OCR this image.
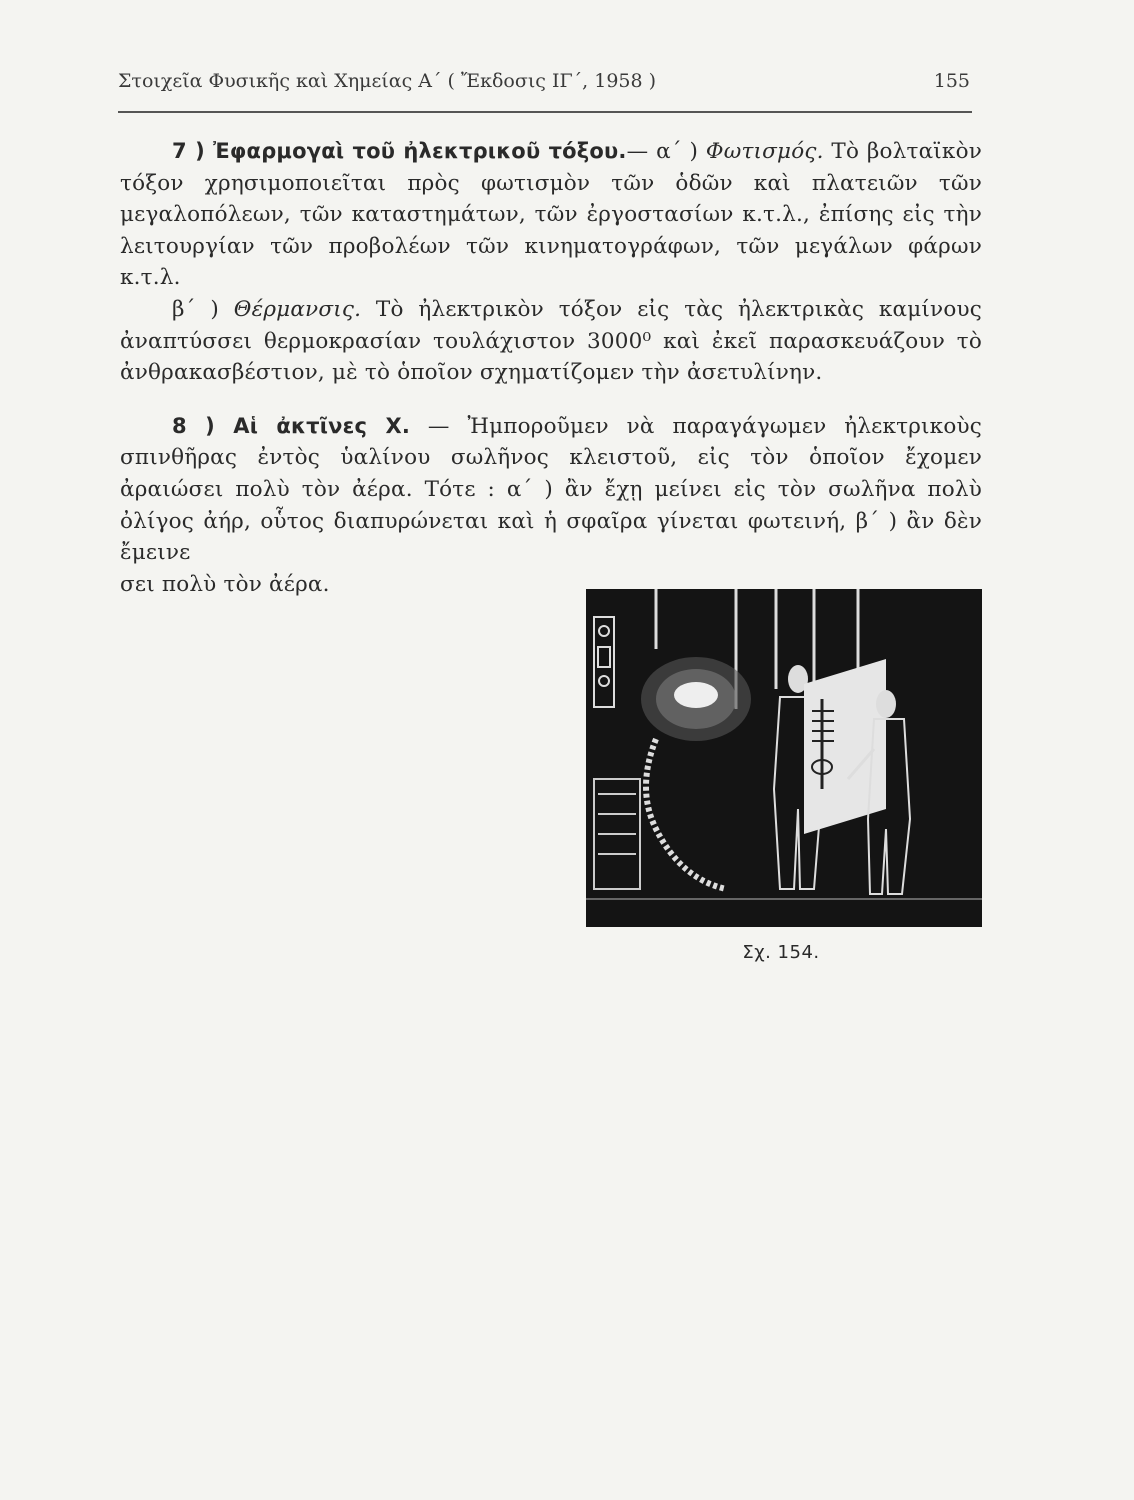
Στοιχεῖα Φυσικῆς καὶ Χημείας Α΄ ( Ἔκδοσις ΙΓ΄, 1958 )	155

7 ) Ἐφαρμογαὶ τοῦ ἠλεκτρικοῦ τόξου.— α΄ ) Φωτισμός. Τὸ βολταϊκὸν τόξον χρησιμοποιεῖται πρὸς φωτισμὸν τῶν ὁδῶν καὶ πλατειῶν τῶν μεγαλοπόλεων, τῶν καταστημάτων, τῶν ἐργοστασίων κ.τ.λ., ἐπίσης εἰς τὴν λειτουργίαν τῶν προβολέων τῶν κινηματογράφων, τῶν μεγάλων φάρων κ.τ.λ.

β΄ ) Θέρμανσις. Τὸ ἠλεκτρικὸν τόξον εἰς τὰς ἠλεκτρικὰς καμίνους ἀναπτύσσει θερμοκρασίαν τουλάχιστον 3000⁰ καὶ ἐκεῖ παρασκευάζουν τὸ ἀνθρακασβέστιον, μὲ τὸ ὁποῖον σχηματίζομεν τὴν ἀσετυλίνην.

8 ) Αἱ ἀκτῖνες Χ. — Ἠμποροῦμεν νὰ παραγάγωμεν ἠλεκτρικοὺς σπινθῆρας ἐντὸς ὑαλίνου σωλῆνος κλειστοῦ, εἰς τὸν ὁποῖον ἔχομεν ἀραιώσει πολὺ τὸν ἀέρα. Τότε : α΄ ) ἂν ἔχῃ μείνει εἰς τὸν σωλῆνα πολὺ ὀλίγος ἀήρ, οὗτος διαπυρώνεται καὶ ἡ σφαῖρα γίνεται φωτεινή, β΄ ) ἂν δὲν ἔμεινε

Σχ. 154.

σει πολὺ τὸν ἀέρα.
